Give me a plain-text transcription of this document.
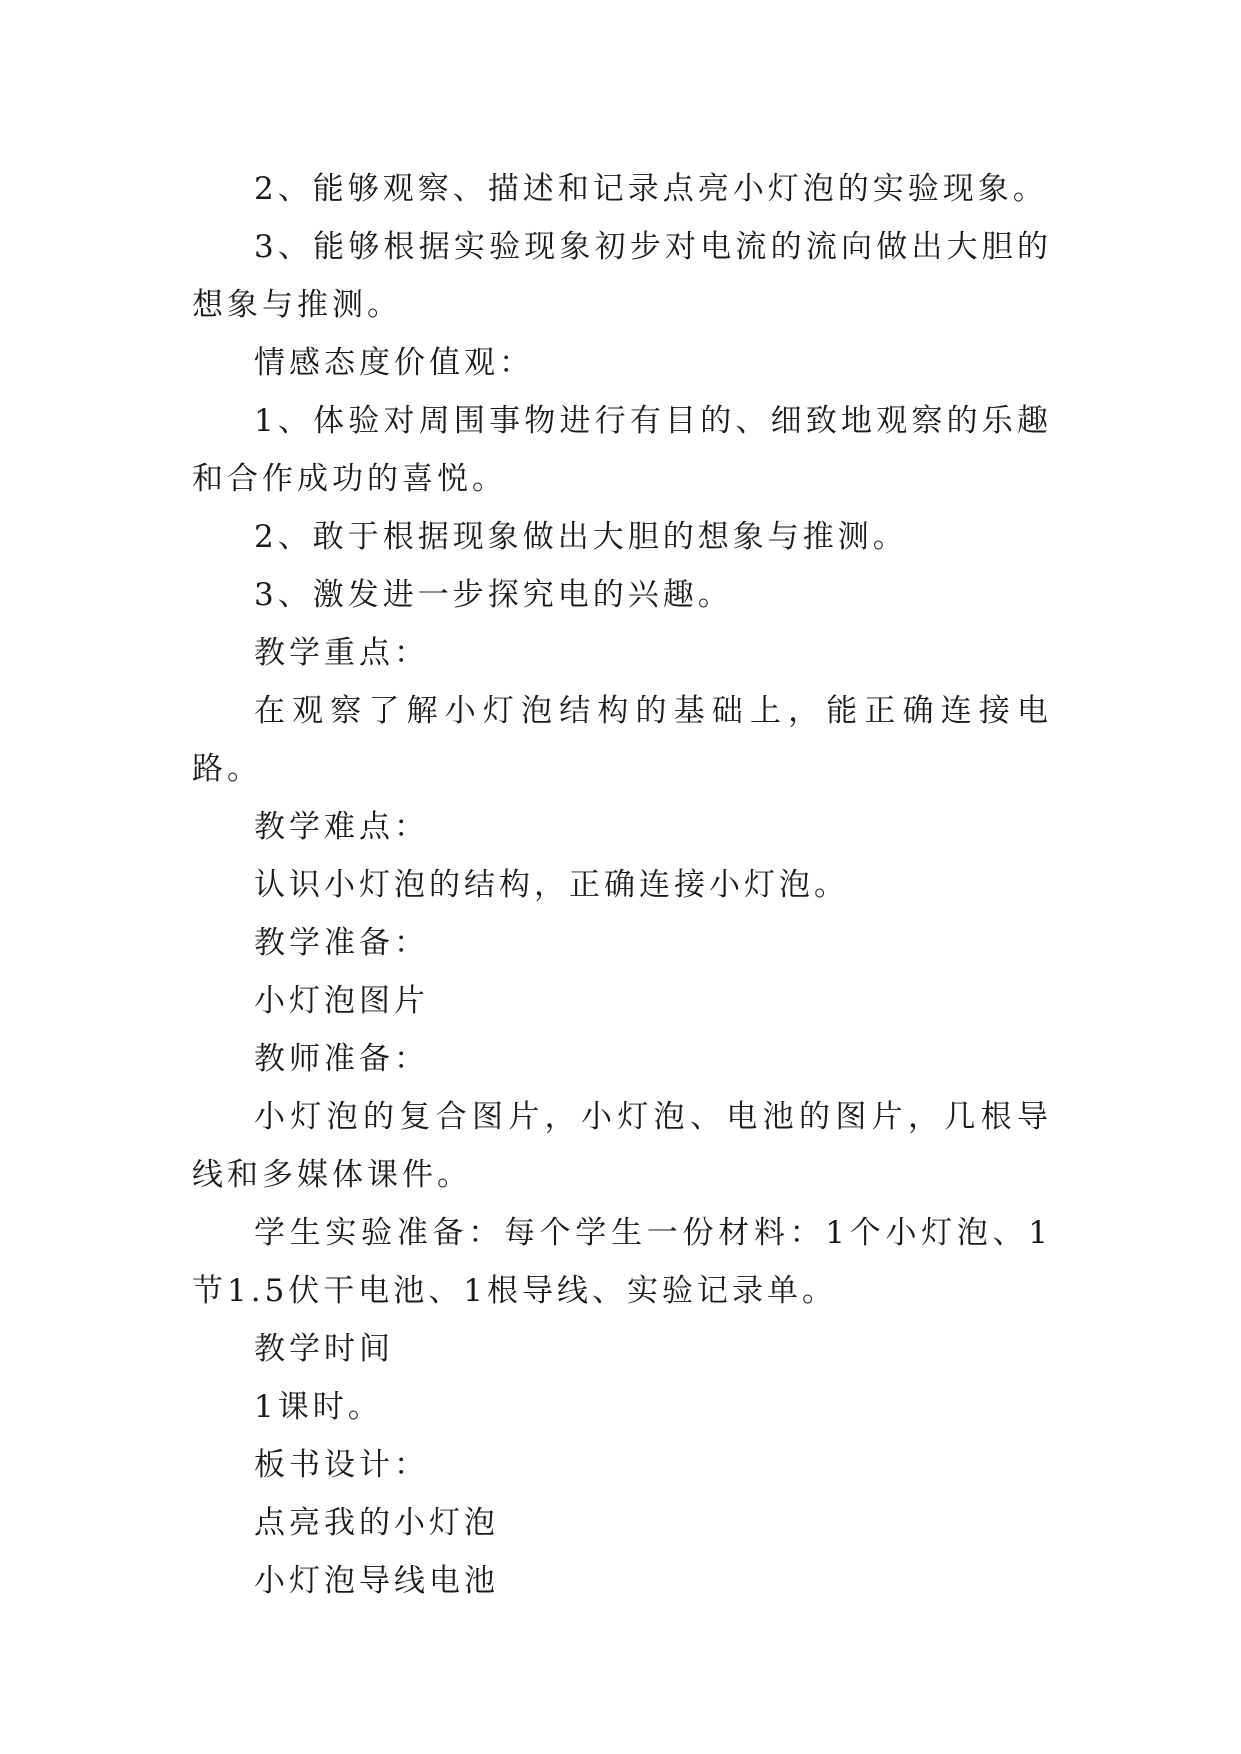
2、能够观察、描述和记录点亮小灯泡的实验现象。

3、能够根据实验现象初步对电流的流向做出大胆的想象与推测。

情感态度价值观：

1、体验对周围事物进行有目的、细致地观察的乐趣和合作成功的喜悦。

2、敢于根据现象做出大胆的想象与推测。

3、激发进一步探究电的兴趣。

教学重点：

在观察了解小灯泡结构的基础上，能正确连接电路。

教学难点：

认识小灯泡的结构，正确连接小灯泡。

教学准备：

小灯泡图片

教师准备：

小灯泡的复合图片，小灯泡、电池的图片，几根导线和多媒体课件。

学生实验准备：每个学生一份材料：1个小灯泡、1节1.5伏干电池、1根导线、实验记录单。

教学时间

1课时。

板书设计：

点亮我的小灯泡

小灯泡导线电池
